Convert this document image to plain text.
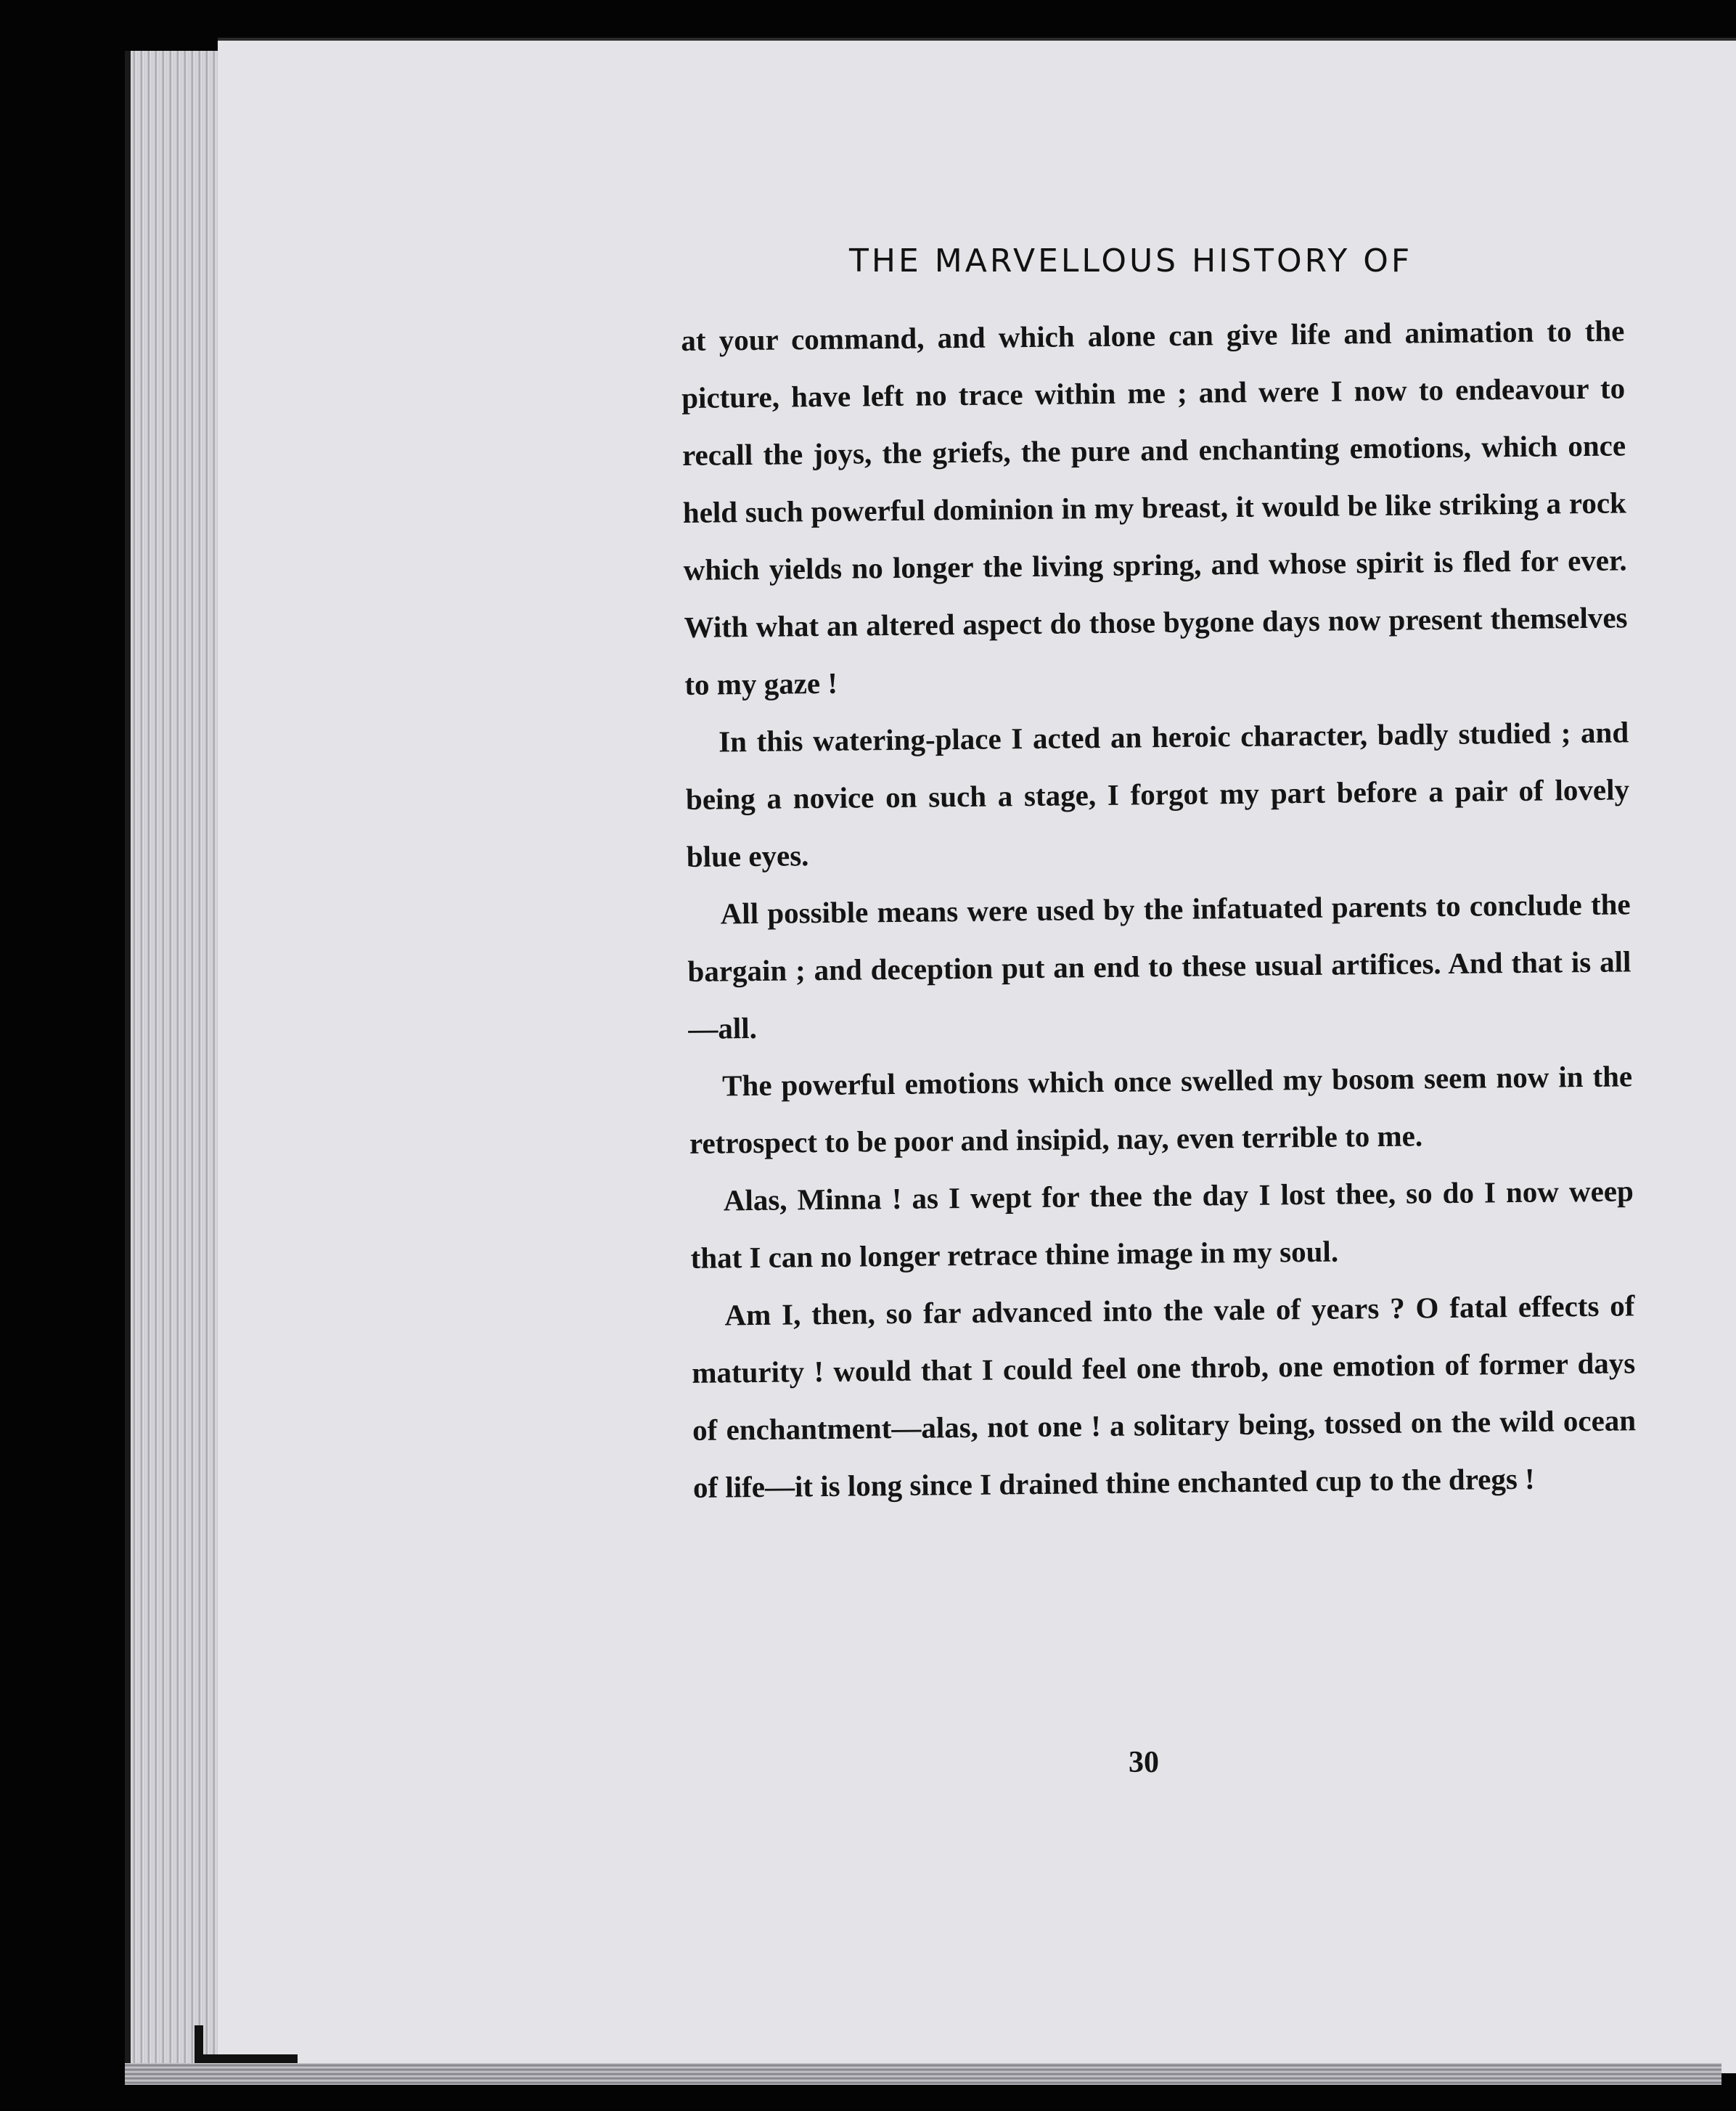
THE MARVELLOUS HISTORY OF

at your command, and which alone can give life and animation to the picture, have left no trace within me ; and were I now to endeavour to recall the joys, the griefs, the pure and enchanting emotions, which once held such powerful dominion in my breast, it would be like striking a rock which yields no longer the living spring, and whose spirit is fled for ever. With what an altered aspect do those bygone days now present themselves to my gaze !

In this watering-place I acted an heroic character, badly studied ; and being a novice on such a stage, I forgot my part before a pair of lovely blue eyes.

All possible means were used by the infatuated parents to conclude the bargain ; and deception put an end to these usual artifices. And that is all—all.

The powerful emotions which once swelled my bosom seem now in the retrospect to be poor and insipid, nay, even terrible to me.

Alas, Minna ! as I wept for thee the day I lost thee, so do I now weep that I can no longer retrace thine image in my soul.

Am I, then, so far advanced into the vale of years ? O fatal effects of maturity ! would that I could feel one throb, one emotion of former days of enchantment—alas, not one ! a solitary being, tossed on the wild ocean of life—it is long since I drained thine enchanted cup to the dregs !

30
